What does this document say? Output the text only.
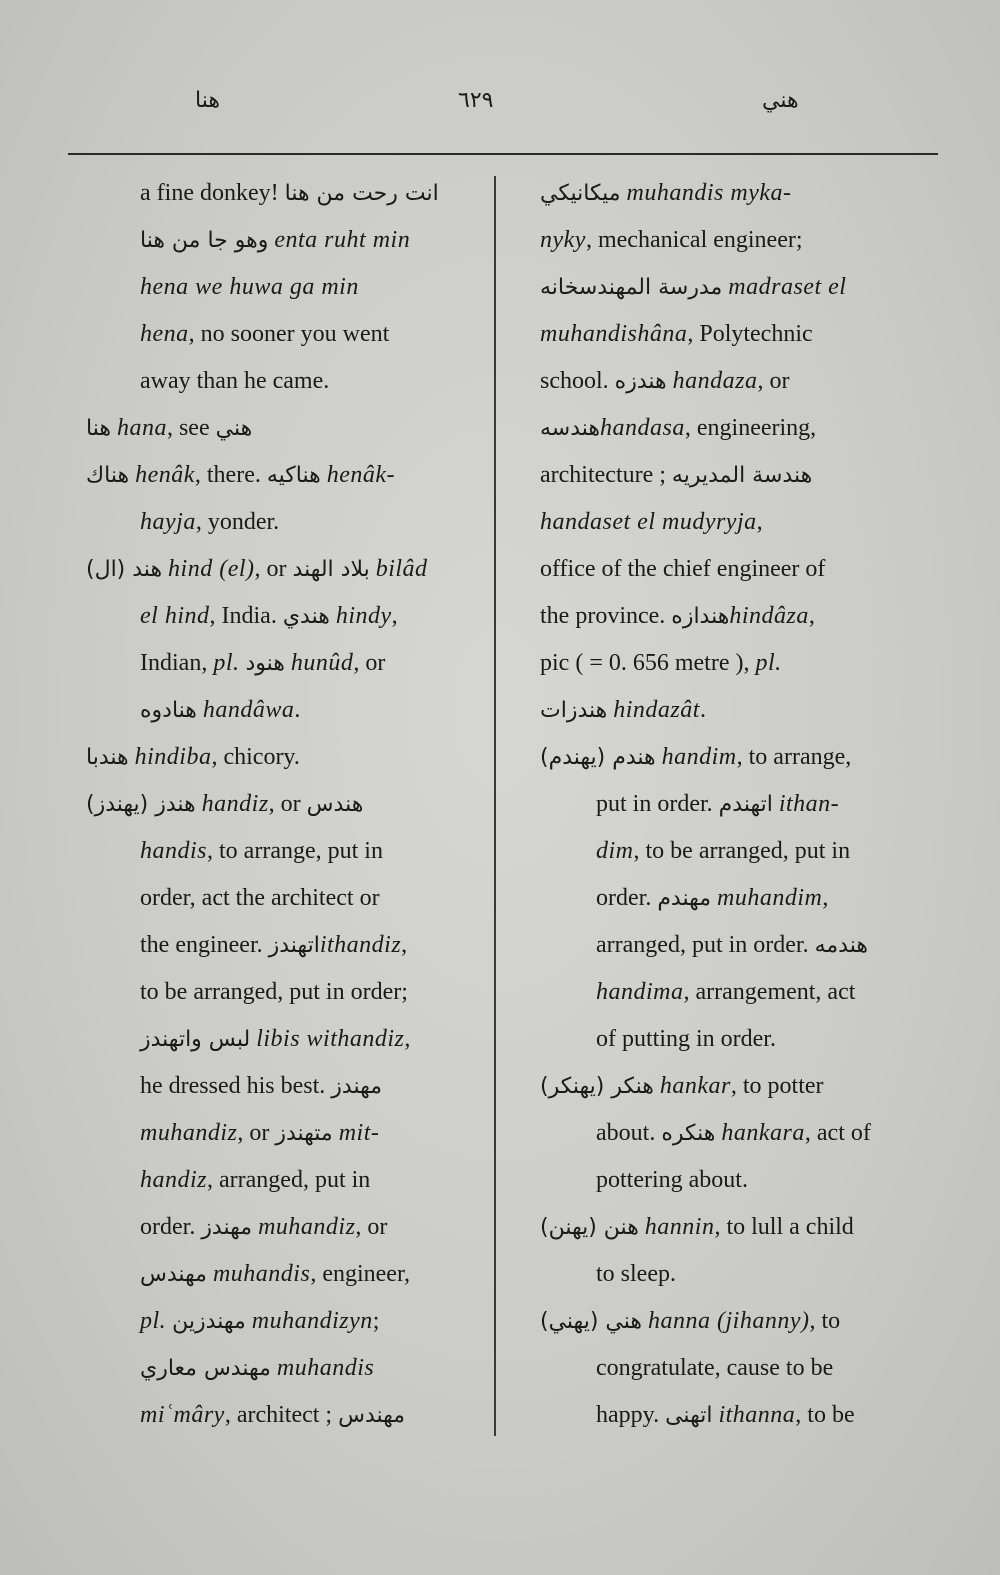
هنا	٦٢٩	هني
a fine donkey! انت رحت من هنا
وهو جا من هنا enta ruht min
hena we huwa ga min
hena, no sooner you went
away than he came.
هنا hana, see هني
هناك henâk, there. هناكيه henâk-
hayja, yonder.
هند (ال) hind (el), or بلاد الهند bilâd
el hind, India. هندي hindy,
Indian, pl. هنود hunûd, or
هنادوه handâwa.
هندبا hindiba, chicory.
هندز (يهندز) handiz, or هندس
handis, to arrange, put in
order, act the architect or
the engineer. اتهندزithandiz,
to be arranged, put in order;
لبس واتهندز libis withandiz,
he dressed his best. مهندز
muhandiz, or متهندز mit-
handiz, arranged, put in
order. مهندز muhandiz, or
مهندس muhandis, engineer,
pl. مهندزين muhandizyn;
مهندس معاري muhandis
miʿmâry, architect ; مهندس
ميكانيكي muhandis myka-
nyky, mechanical engineer;
مدرسة المهندسخانه madraset el
muhandishâna, Polytechnic
school. هندزه handaza, or
هندسهhandasa, engineering,
architecture ; هندسة المديريه
handaset el mudyryja,
office of the chief engineer of
the province. هندازهhindâza,
pic ( = 0. 656 metre ), pl.
هندزات hindazât.
هندم (يهندم) handim, to arrange,
put in order. اتهندم ithan-
dim, to be arranged, put in
order. مهندم muhandim,
arranged, put in order. هندمه
handima, arrangement, act
of putting in order.
هنكر (يهنكر) hankar, to potter
about. هنكره hankara, act of
pottering about.
هنن (يهنن) hannin, to lull a child
to sleep.
هني (يهني) hanna (jihanny), to
congratulate, cause to be
happy. اتهنى ithanna, to be
